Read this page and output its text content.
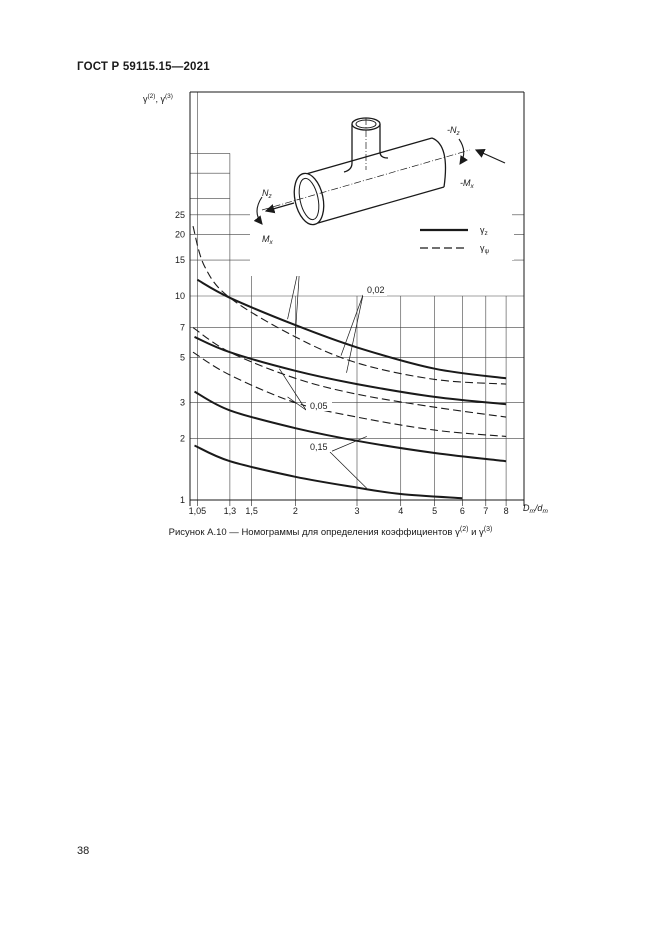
ГОСТ Р 59115.15—2021
1
2
3
5
7
10
15
20
25
1,05 1,3 1,5	2	3	4	5	6 7 8
$\gamma^{(2)}$, $\gamma^{(3)}$
$D_m/d_m$
0,02
0,05
0,15
$N_z$
$M_x$
$-N_z$
$-M_x$
$\gamma_z$
$\gamma_\psi$
Рисунок А.10 — Номограммы для определения коэффициентов $\gamma^{(2)}$ и $\gamma^{(3)}$
38
